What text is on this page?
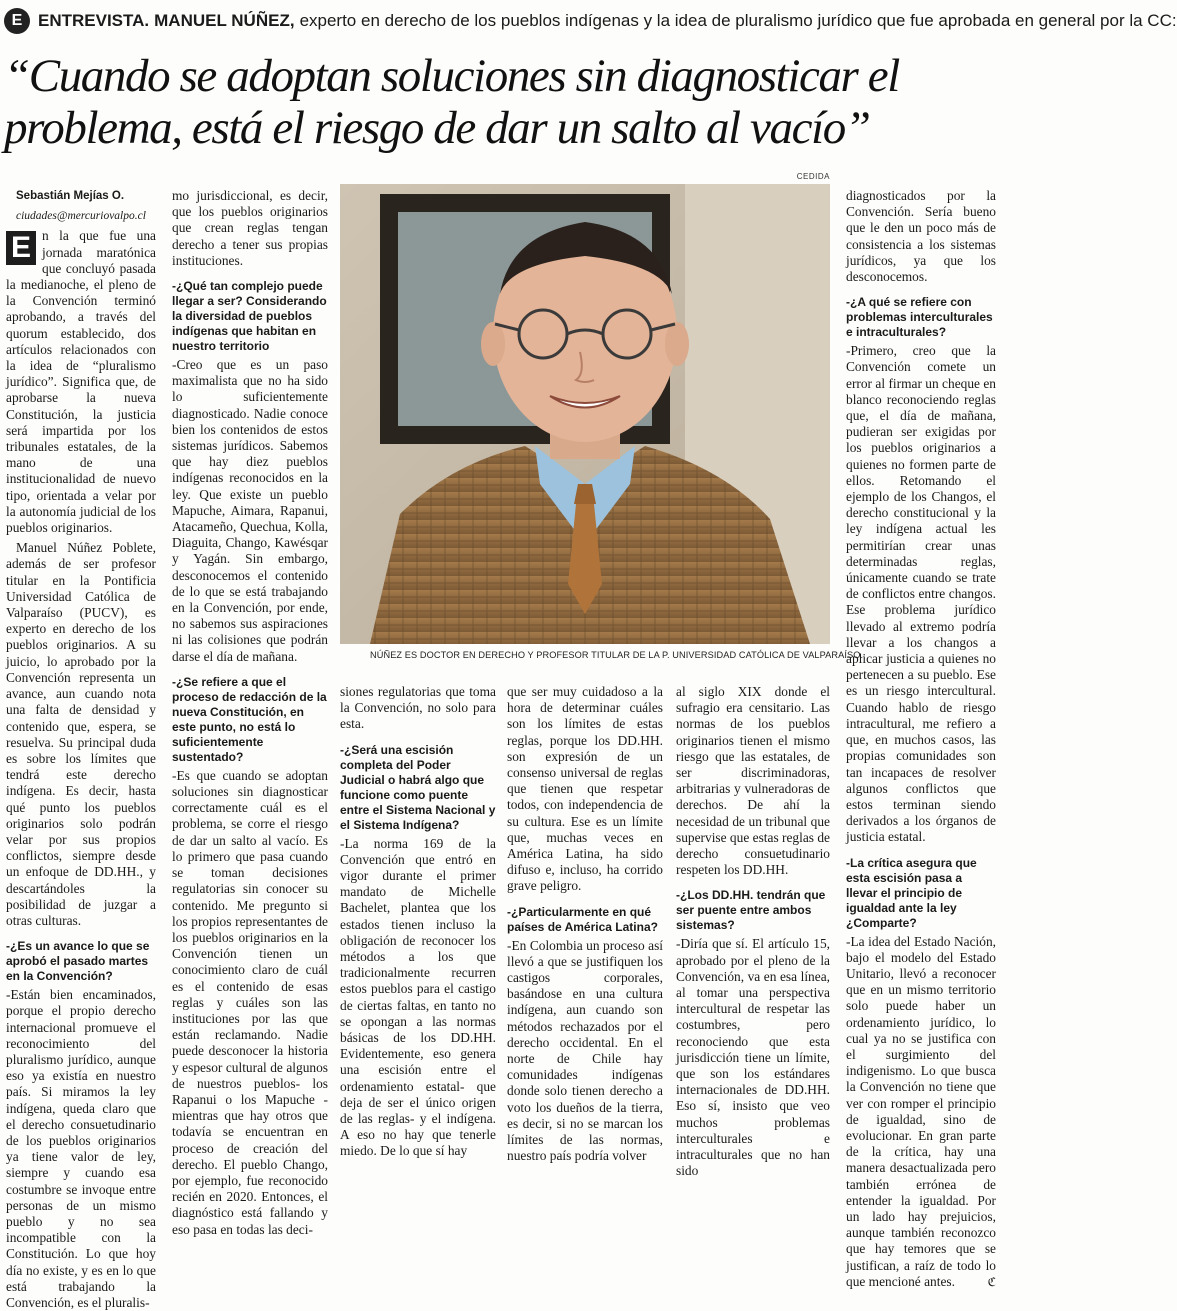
E ENTREVISTA. MANUEL NÚÑEZ, experto en derecho de los pueblos indígenas y la idea de pluralismo jurídico que fue aprobada en general por la CC:
“Cuando se adoptan soluciones sin diagnosticar el problema, está el riesgo de dar un salto al vacío”

Sebastián Mejías O.

ciudades@mercuriovalpo.cl

E n la que fue una jornada maratónica que concluyó pasada la medianoche, el pleno de la Convención terminó aprobando, a través del quorum establecido, dos artículos relacionados con la idea de “pluralismo jurídico”. Significa que, de aprobarse la nueva Constitución, la justicia será impartida por los tribunales estatales, de la mano de una institucionalidad de nuevo tipo, orientada a velar por la autonomía judicial de los pueblos originarios.

Manuel Núñez Poblete, además de ser profesor titular en la Pontificia Universidad Católica de Valparaíso (PUCV), es experto en derecho de los pueblos originarios. A su juicio, lo aprobado por la Convención representa un avance, aun cuando nota una falta de densidad y contenido que, espera, se resuelva. Su principal duda es sobre los límites que tendrá este derecho indígena. Es decir, hasta qué punto los pueblos originarios solo podrán velar por sus propios conflictos, siempre desde un enfoque de DD.HH., y descartándoles la posibilidad de juzgar a otras culturas.

-¿Es un avance lo que se aprobó el pasado martes en la Convención?

-Están bien encaminados, porque el propio derecho internacional promueve el reconocimiento del pluralismo jurídico, aunque eso ya existía en nuestro país. Si miramos la ley indígena, queda claro que el derecho consuetudinario de los pueblos originarios ya tiene valor de ley, siempre y cuando esa costumbre se invoque entre personas de un mismo pueblo y no sea incompatible con la Constitución. Lo que hoy día no existe, y es en lo que está trabajando la Convención, es el pluralis-

mo jurisdiccional, es decir, que los pueblos originarios que crean reglas tengan derecho a tener sus propias instituciones.

-¿Qué tan complejo puede llegar a ser? Considerando la diversidad de pueblos indígenas que habitan en nuestro territorio

-Creo que es un paso maximalista que no ha sido lo suficientemente diagnosticado. Nadie conoce bien los contenidos de estos sistemas jurídicos. Sabemos que hay diez pueblos indígenas reconocidos en la ley. Que existe un pueblo Mapuche, Aimara, Rapanui, Atacameño, Quechua, Kolla, Diaguita, Chango, Kawésqar y Yagán. Sin embargo, desconocemos el contenido de lo que se está trabajando en la Convención, por ende, no sabemos sus aspiraciones ni las colisiones que podrán darse el día de mañana.

-¿Se refiere a que el proceso de redacción de la nueva Constitución, en este punto, no está lo suficientemente sustentado?

-Es que cuando se adoptan soluciones sin diagnosticar correctamente cuál es el problema, se corre el riesgo de dar un salto al vacío. Es lo primero que pasa cuando se toman decisiones regulatorias sin conocer su contenido. Me pregunto si los propios representantes de los pueblos originarios en la Convención tienen un conocimiento claro de cuál es el contenido de esas reglas y cuáles son las instituciones por las que están reclamando. Nadie puede desconocer la historia y espesor cultural de algunos de nuestros pueblos- los Rapanui o los Mapuche - mientras que hay otros que todavía se encuentran en proceso de creación del derecho. El pueblo Chango, por ejemplo, fue reconocido recién en 2020. Entonces, el diagnóstico está fallando y eso pasa en todas las deci-

CEDIDA
NÚÑEZ ES DOCTOR EN DERECHO Y PROFESOR TITULAR DE LA P. UNIVERSIDAD CATÓLICA DE VALPARAÍSO.

siones regulatorias que toma la Convención, no solo para esta.

-¿Será una escisión completa del Poder Judicial o habrá algo que funcione como puente entre el Sistema Nacional y el Sistema Indígena?

-La norma 169 de la Convención que entró en vigor durante el primer mandato de Michelle Bachelet, plantea que los estados tienen incluso la obligación de reconocer los métodos a los que tradicionalmente recurren estos pueblos para el castigo de ciertas faltas, en tanto no se opongan a las normas básicas de los DD.HH. Evidentemente, eso genera una escisión entre el ordenamiento estatal- que deja de ser el único origen de las reglas- y el indígena. A eso no hay que tenerle miedo. De lo que sí hay

que ser muy cuidadoso a la hora de determinar cuáles son los límites de estas reglas, porque los DD.HH. son expresión de un consenso universal de reglas que tienen que respetar todos, con independencia de su cultura. Ese es un límite que, muchas veces en América Latina, ha sido difuso e, incluso, ha corrido grave peligro.

-¿Particularmente en qué países de América Latina?

-En Colombia un proceso así llevó a que se justifiquen los castigos corporales, basándose en una cultura indígena, aun cuando son métodos rechazados por el derecho occidental. En el norte de Chile hay comunidades indígenas donde solo tienen derecho a voto los dueños de la tierra, es decir, si no se marcan los límites de las normas, nuestro país podría volver

al siglo XIX donde el sufragio era censitario. Las normas de los pueblos originarios tienen el mismo riesgo que las estatales, de ser discriminadoras, arbitrarias y vulneradoras de derechos. De ahí la necesidad de un tribunal que supervise que estas reglas de derecho consuetudinario respeten los DD.HH.

-¿Los DD.HH. tendrán que ser puente entre ambos sistemas?

-Diría que sí. El artículo 15, aprobado por el pleno de la Convención, va en esa línea, al tomar una perspectiva intercultural de respetar las costumbres, pero reconociendo que esta jurisdicción tiene un límite, que son los estándares internacionales de DD.HH. Eso sí, insisto que veo muchos problemas interculturales e intraculturales que no han sido

diagnosticados por la Convención. Sería bueno que le den un poco más de consistencia a los sistemas jurídicos, ya que los desconocemos.

-¿A qué se refiere con problemas interculturales e intraculturales?

-Primero, creo que la Convención comete un error al firmar un cheque en blanco reconociendo reglas que, el día de mañana, pudieran ser exigidas por los pueblos originarios a quienes no formen parte de ellos. Retomando el ejemplo de los Changos, el derecho constitucional y la ley indígena actual les permitirían crear unas determinadas reglas, únicamente cuando se trate de conflictos entre changos. Ese problema jurídico llevado al extremo podría llevar a los changos a aplicar justicia a quienes no pertenecen a su pueblo. Ese es un riesgo intercultural. Cuando hablo de riesgo intracultural, me refiero a que, en muchos casos, las propias comunidades son tan incapaces de resolver algunos conflictos que estos terminan siendo derivados a los órganos de justicia estatal.

-La crítica asegura que esta escisión pasa a llevar el principio de igualdad ante la ley ¿Comparte?

-La idea del Estado Nación, bajo el modelo del Estado Unitario, llevó a reconocer que en un mismo territorio solo puede haber un ordenamiento jurídico, lo cual ya no se justifica con el surgimiento del indigenismo. Lo que busca la Convención no tiene que ver con romper el principio de igualdad, sino de evolucionar. En gran parte de la crítica, hay una manera desactualizada pero también errónea de entender la igualdad. Por un lado hay prejuicios, aunque también reconozco que hay temores que se justifican, a raíz de todo lo que mencioné antes.	ℭ
